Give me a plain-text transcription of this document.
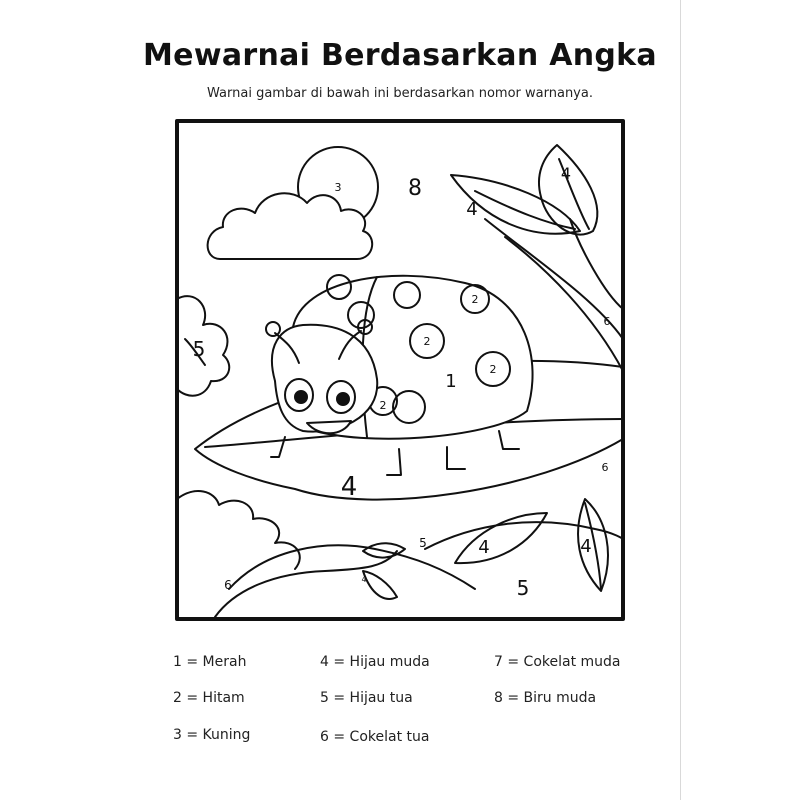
Mewarnai Berdasarkan Angka
Warnai gambar di bawah ini berdasarkan nomor warnanya.
3	8
4
4
6
5
1
2
2
2
2
4
5	4	4
5
6	4
6
1 = Merah
2 = Hitam
3 = Kuning
4 = Hijau muda
5 = Hijau tua
6 = Cokelat tua
7 = Cokelat muda
8 = Biru muda
